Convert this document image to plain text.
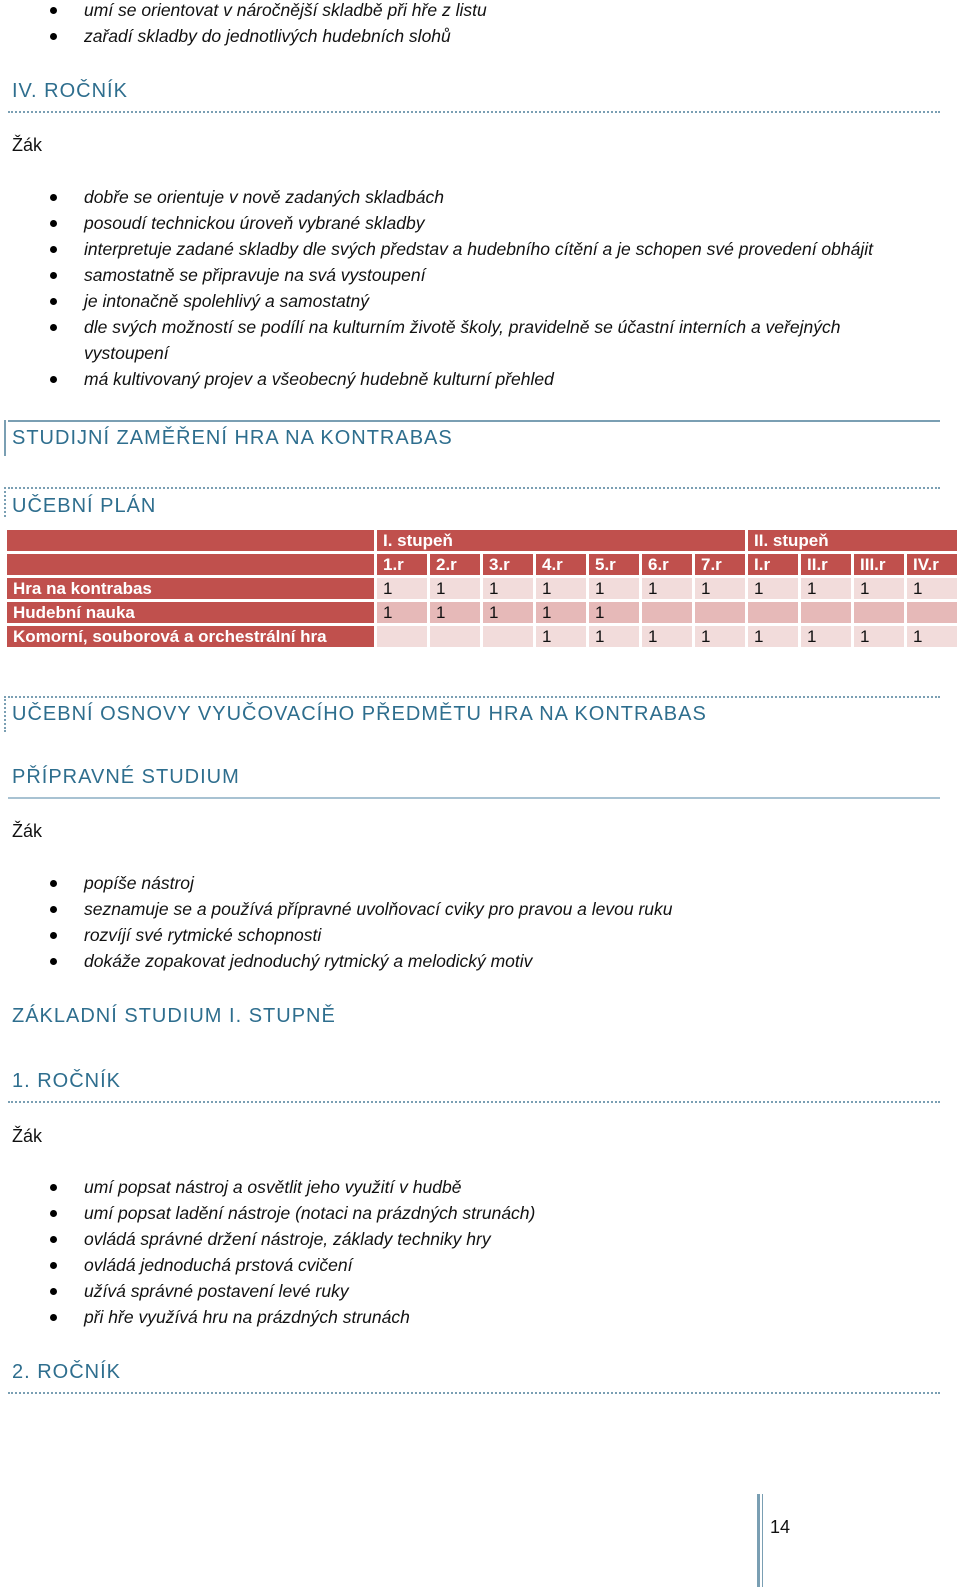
umí se orientovat v náročnější skladbě při hře z listu
zařadí skladby do jednotlivých hudebních slohů
IV. ROČNÍK
Žák
dobře se orientuje v nově zadaných skladbách
posoudí technickou úroveň vybrané skladby
interpretuje zadané skladby dle svých představ a hudebního cítění a je schopen své provedení obhájit
samostatně se připravuje na svá vystoupení
je intonačně spolehlivý a samostatný
dle svých možností se podílí na kulturním životě školy, pravidelně se účastní interních a veřejných vystoupení
má kultivovaný projev a všeobecný hudebně kulturní přehled
STUDIJNÍ ZAMĚŘENÍ HRA NA KONTRABAS
UČEBNÍ PLÁN
	I. stupeň							II. stupeň			
	1.r	2.r	3.r	4.r	5.r	6.r	7.r	I.r	II.r	III.r	IV.r
Hra na kontrabas	1	1	1	1	1	1	1	1	1	1	1
Hudební nauka	1	1	1	1	1						
Komorní, souborová a orchestrální hra				1	1	1	1	1	1	1	1
UČEBNÍ OSNOVY VYUČOVACÍHO PŘEDMĚTU HRA NA KONTRABAS
PŘÍPRAVNÉ STUDIUM
Žák
popíše nástroj
seznamuje se a používá přípravné uvolňovací cviky pro pravou a levou ruku
rozvíjí své rytmické schopnosti
dokáže zopakovat jednoduchý rytmický a melodický motiv
ZÁKLADNÍ STUDIUM I. STUPNĚ
1. ROČNÍK
Žák
umí popsat nástroj a osvětlit jeho využití v hudbě
umí popsat ladění nástroje (notaci na prázdných strunách)
ovládá správné držení nástroje, základy techniky hry
ovládá jednoduchá prstová cvičení
užívá správné postavení levé ruky
při hře využívá hru na prázdných strunách
2. ROČNÍK
14
